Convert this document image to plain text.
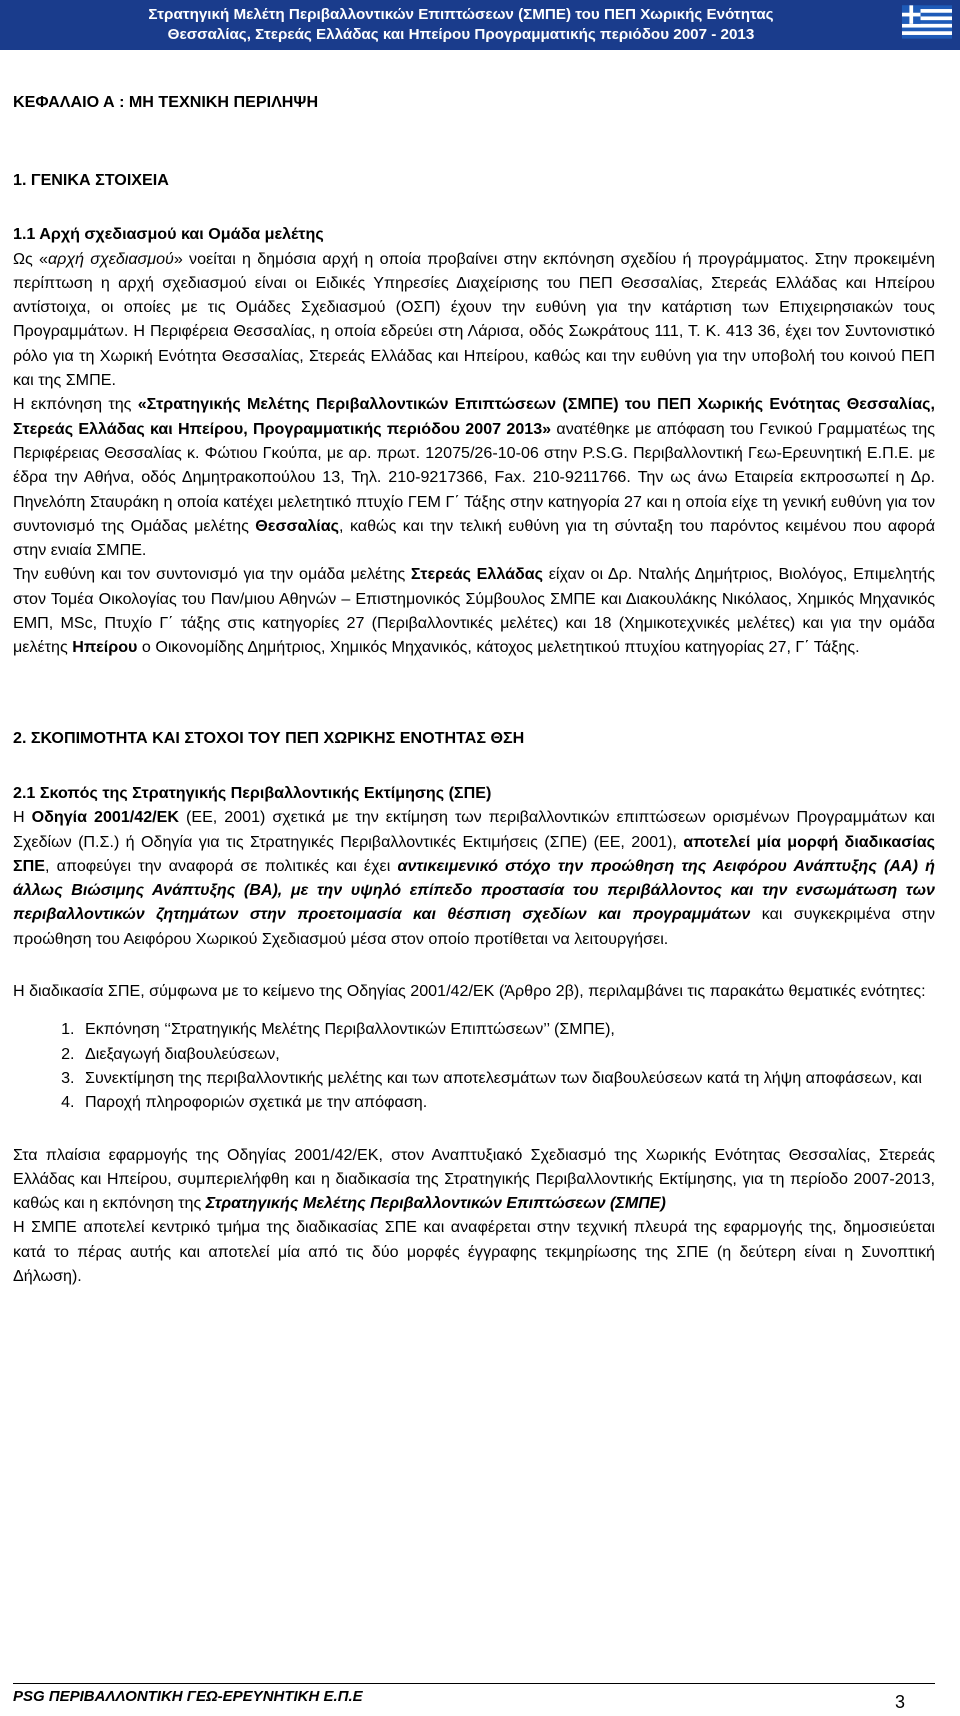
Στρατηγική Μελέτη Περιβαλλοντικών Επιπτώσεων (ΣΜΠΕ) του ΠΕΠ Χωρικής Ενότητας
Θεσσαλίας, Στερεάς Ελλάδας και Ηπείρου Προγραμματικής περιόδου 2007 - 2013

ΚΕΦΑΛΑΙΟ Α : ΜΗ ΤΕΧΝΙΚΗ ΠΕΡΙΛΗΨΗ

1. ΓΕΝΙΚΑ ΣΤΟΙΧΕΙΑ

1.1 Αρχή σχεδιασμού και Ομάδα μελέτης

Ως «αρχή σχεδιασμού» νοείται η δημόσια αρχή η οποία προβαίνει στην εκπόνηση σχεδίου ή προγράμματος. Στην προκειμένη περίπτωση η αρχή σχεδιασμού είναι οι Ειδικές Υπηρεσίες Διαχείρισης του ΠΕΠ Θεσσαλίας, Στερεάς Ελλάδας και Ηπείρου αντίστοιχα, οι οποίες με τις Ομάδες Σχεδιασμού (ΟΣΠ) έχουν την ευθύνη για την κατάρτιση των Επιχειρησιακών τους Προγραμμάτων. Η Περιφέρεια Θεσσαλίας, η οποία εδρεύει στη Λάρισα, οδός Σωκράτους 111, Τ. Κ. 413 36, έχει τον Συντονιστικό ρόλο για τη Χωρική Ενότητα Θεσσαλίας, Στερεάς Ελλάδας και Ηπείρου, καθώς και την ευθύνη για την υποβολή του κοινού ΠΕΠ και της ΣΜΠΕ.

Η εκπόνηση της «Στρατηγικής Μελέτης Περιβαλλοντικών Επιπτώσεων (ΣΜΠΕ) του ΠΕΠ Χωρικής Ενότητας Θεσσαλίας, Στερεάς Ελλάδας και Ηπείρου, Προγραμματικής περιόδου 2007 2013» ανατέθηκε με απόφαση του Γενικού Γραμματέως της Περιφέρειας Θεσσαλίας κ. Φώτιου Γκούπα, με αρ. πρωτ. 12075/26-10-06 στην P.S.G. Περιβαλλοντική Γεω-Ερευνητική Ε.Π.Ε. με έδρα την Αθήνα, οδός Δημητρακοπούλου 13, Τηλ. 210-9217366, Fax. 210-9211766. Την ως άνω Εταιρεία εκπροσωπεί η Δρ. Πηνελόπη Σταυράκη η οποία κατέχει μελετητικό πτυχίο ΓΕΜ Γ΄ Τάξης στην κατηγορία 27 και η οποία είχε τη γενική ευθύνη για τον συντονισμό της Ομάδας μελέτης Θεσσαλίας, καθώς και την τελική ευθύνη για τη σύνταξη του παρόντος κειμένου που αφορά στην ενιαία ΣΜΠΕ.

Την ευθύνη και τον συντονισμό για την ομάδα μελέτης Στερεάς Ελλάδας είχαν οι Δρ. Νταλής Δημήτριος, Βιολόγος, Επιμελητής στον Τομέα Οικολογίας του Παν/μιου Αθηνών – Επιστημονικός Σύμβουλος ΣΜΠΕ και Διακουλάκης Νικόλαος, Χημικός Μηχανικός ΕΜΠ, MSc, Πτυχίο Γ΄ τάξης στις κατηγορίες 27 (Περιβαλλοντικές μελέτες) και 18 (Χημικοτεχνικές μελέτες) και για την ομάδα μελέτης Ηπείρου ο Οικονομίδης Δημήτριος, Χημικός Μηχανικός, κάτοχος μελετητικού πτυχίου κατηγορίας 27, Γ΄ Τάξης.

2. ΣΚΟΠΙΜΟΤΗΤΑ ΚΑΙ ΣΤΟΧΟΙ ΤΟΥ ΠΕΠ ΧΩΡΙΚΗΣ ΕΝΟΤΗΤΑΣ ΘΣΗ

2.1 Σκοπός της Στρατηγικής Περιβαλλοντικής Εκτίμησης (ΣΠΕ)

Η Οδηγία 2001/42/ΕΚ (ΕΕ, 2001) σχετικά με την εκτίμηση των περιβαλλοντικών επιπτώσεων ορισμένων Προγραμμάτων και Σχεδίων (Π.Σ.) ή Οδηγία για τις Στρατηγικές Περιβαλλοντικές Εκτιμήσεις (ΣΠΕ) (ΕΕ, 2001), αποτελεί μία μορφή διαδικασίας ΣΠΕ, αποφεύγει την αναφορά σε πολιτικές και έχει αντικειμενικό στόχο την προώθηση της Αειφόρου Ανάπτυξης (ΑΑ) ή άλλως Βιώσιμης Ανάπτυξης (ΒΑ), με την υψηλό επίπεδο προστασία του περιβάλλοντος και την ενσωμάτωση των περιβαλλοντικών ζητημάτων στην προετοιμασία και θέσπιση σχεδίων και προγραμμάτων και συγκεκριμένα στην προώθηση του Αειφόρου Χωρικού Σχεδιασμού μέσα στον οποίο προτίθεται να λειτουργήσει.

Η διαδικασία ΣΠΕ, σύμφωνα με το κείμενο της Οδηγίας 2001/42/ΕΚ (Άρθρο 2β), περιλαμβάνει τις παρακάτω θεματικές ενότητες:

1. Εκπόνηση ‘‘Στρατηγικής Μελέτης Περιβαλλοντικών Επιπτώσεων’’ (ΣΜΠΕ),
2. Διεξαγωγή διαβουλεύσεων,
3. Συνεκτίμηση της περιβαλλοντικής μελέτης και των αποτελεσμάτων των διαβουλεύσεων κατά τη λήψη αποφάσεων, και
4. Παροχή πληροφοριών σχετικά με την απόφαση.

Στα πλαίσια εφαρμογής της Οδηγίας 2001/42/ΕΚ, στον Αναπτυξιακό Σχεδιασμό της Χωρικής Ενότητας Θεσσαλίας, Στερεάς Ελλάδας και Ηπείρου, συμπεριελήφθη και η διαδικασία της Στρατηγικής Περιβαλλοντικής Εκτίμησης, για τη περίοδο 2007-2013, καθώς και η εκπόνηση της Στρατηγικής Μελέτης Περιβαλλοντικών Επιπτώσεων (ΣΜΠΕ)

Η ΣΜΠΕ αποτελεί κεντρικό τμήμα της διαδικασίας ΣΠΕ και αναφέρεται στην τεχνική πλευρά της εφαρμογής της, δημοσιεύεται κατά το πέρας αυτής και αποτελεί μία από τις δύο μορφές έγγραφης τεκμηρίωσης της ΣΠΕ (η δεύτερη είναι η Συνοπτική Δήλωση).

PSG ΠΕΡΙΒΑΛΛΟΝΤΙΚΗ ΓΕΩ-ΕΡΕΥΝΗΤΙΚΗ Ε.Π.Ε	3
